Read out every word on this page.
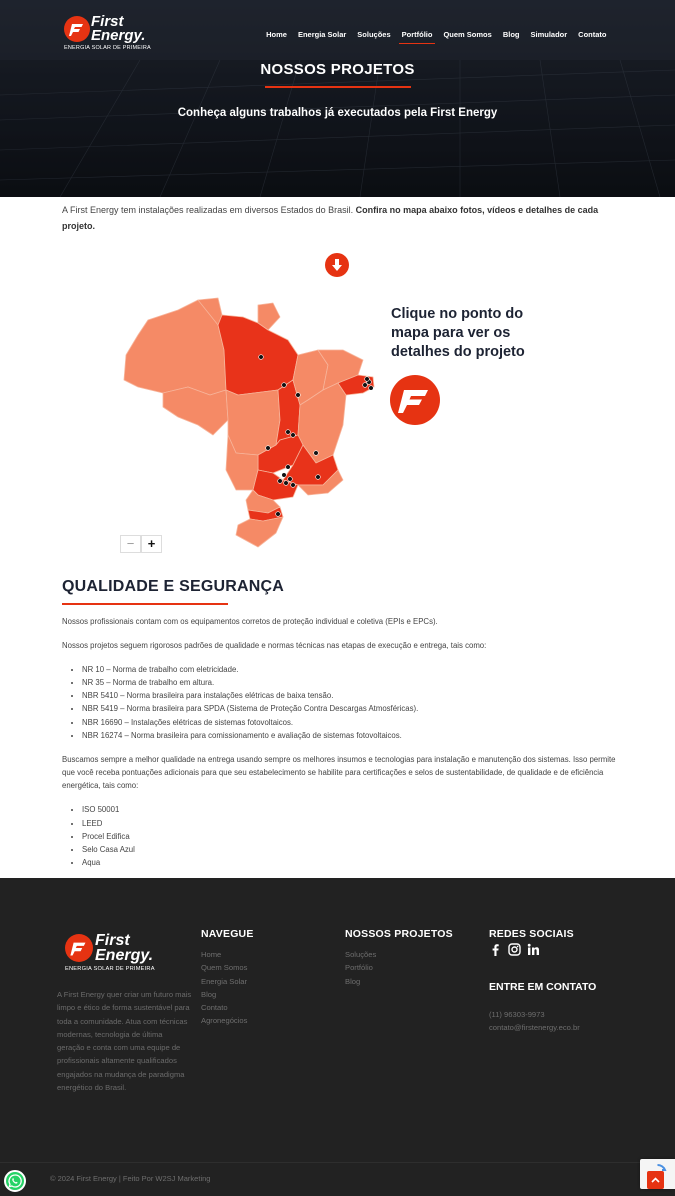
First
Energy.
ENERGIA SOLAR DE PRIMEIRA
Home	Energia Solar	Soluções	Portfólio	Quem Somos	Blog	Simulador	Contato
NOSSOS PROJETOS

Conheça alguns trabalhos já executados pela First Energy

A First Energy tem instalações realizadas em diversos Estados do Brasil. Confira no mapa abaixo fotos, vídeos e detalhes de cada projeto.

Clique no ponto do mapa para ver os detalhes do projeto
−	+
QUALIDADE E SEGURANÇA

Nossos profissionais contam com os equipamentos corretos de proteção individual e coletiva (EPIs e EPCs).

Nossos projetos seguem rigorosos padrões de qualidade e normas técnicas nas etapas de execução e entrega, tais como:

• NR 10 – Norma de trabalho com eletricidade.
• NR 35 – Norma de trabalho em altura.
• NBR 5410 – Norma brasileira para instalações elétricas de baixa tensão.
• NBR 5419 – Norma brasileira para SPDA (Sistema de Proteção Contra Descargas Atmosféricas).
• NBR 16690 – Instalações elétricas de sistemas fotovoltaicos.
• NBR 16274 – Norma brasileira para comissionamento e avaliação de sistemas fotovoltaicos.

Buscamos sempre a melhor qualidade na entrega usando sempre os melhores insumos e tecnologias para instalação e manutenção dos sistemas. Isso permite que você receba pontuações adicionais para que seu estabelecimento se habilite para certificações e selos de sustentabilidade, de qualidade e de eficiência energética, tais como:

• ISO 50001
• LEED
• Procel Edifica
• Selo Casa Azul
• Aqua
First
Energy.
ENERGIA SOLAR DE PRIMEIRA

A First Energy quer criar um futuro mais limpo e ético de forma sustentável para toda a comunidade. Atua com técnicas modernas, tecnologia de última geração e conta com uma equipe de profissionais altamente qualificados engajados na mudança de paradigma energético do Brasil.

NAVEGUE
Home
Quem Somos
Energia Solar
Blog
Contato
Agronegócios
NOSSOS PROJETOS
Soluções
Portfólio
Blog
REDES SOCIAIS
ENTRE EM CONTATO
(11) 96303-9973
contato@firstenergy.eco.br
© 2024 First Energy | Feito Por W2SJ Marketing
